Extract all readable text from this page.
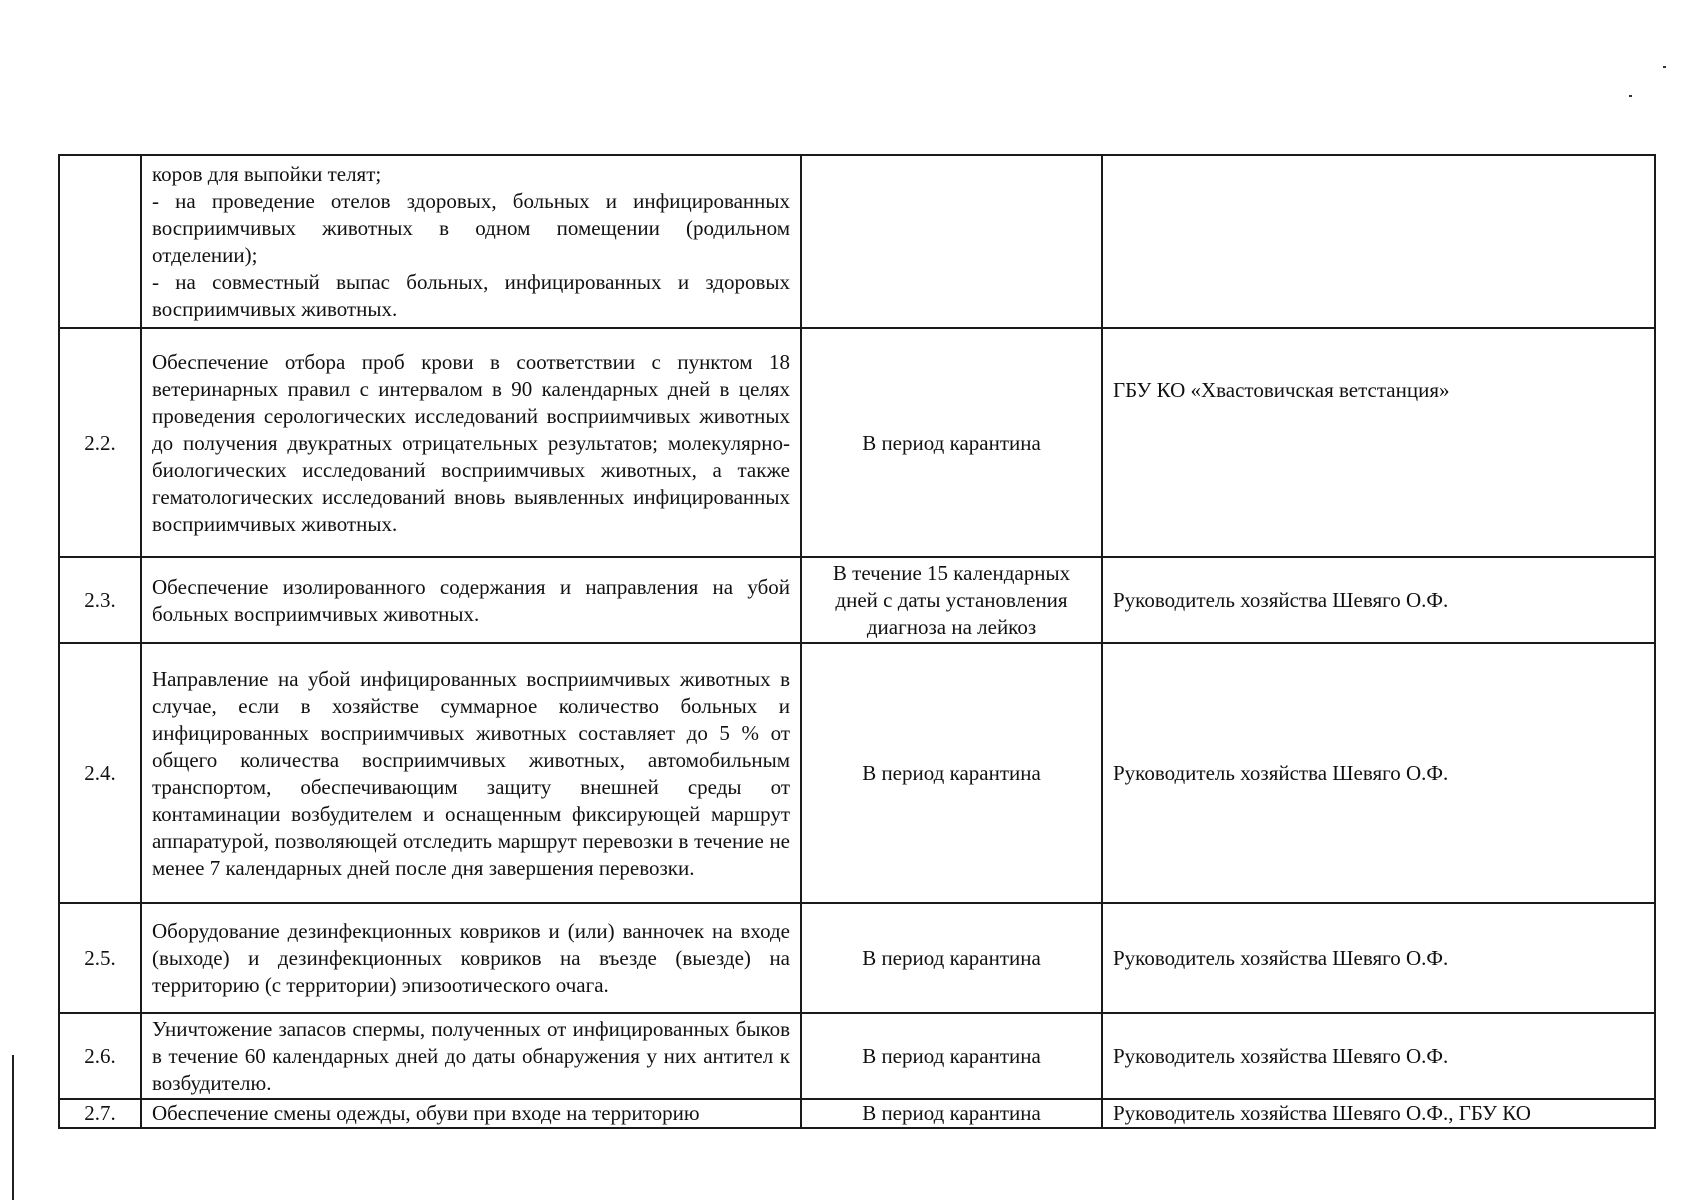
	коров для выпойки телят;
- на проведение отелов здоровых, больных и инфицированных восприимчивых животных в одном помещении (родильном отделении);
- на совместный выпас больных, инфицированных и здоровых восприимчивых животных.		
2.2.	Обеспечение отбора проб крови в соответствии с пунктом 18 ветеринарных правил с интервалом в 90 календарных дней в целях проведения серологических исследований восприимчивых животных до получения двукратных отрицательных результатов; молекулярно-биологических исследований восприимчивых животных, а также гематологических исследований вновь выявленных инфицированных восприимчивых животных.	В период карантина	ГБУ КО «Хвастовичская ветстанция»
2.3.	Обеспечение изолированного содержания и направления на убой больных восприимчивых животных.	В течение 15 календарных дней с даты установления диагноза на лейкоз	Руководитель хозяйства Шевяго О.Ф.
2.4.	Направление на убой инфицированных восприимчивых животных в случае, если в хозяйстве суммарное количество больных и инфицированных восприимчивых животных составляет до 5 % от общего количества восприимчивых животных, автомобильным транспортом, обеспечивающим защиту внешней среды от контаминации возбудителем и оснащенным фиксирующей маршрут аппаратурой, позволяющей отследить маршрут перевозки в течение не менее 7 календарных дней после дня завершения перевозки.	В период карантина	Руководитель хозяйства Шевяго О.Ф.
2.5.	Оборудование дезинфекционных ковриков и (или) ванночек на входе (выходе) и дезинфекционных ковриков на въезде (выезде) на территорию (с территории) эпизоотического очага.	В период карантина	Руководитель хозяйства Шевяго О.Ф.
2.6.	Уничтожение запасов спермы, полученных от инфицированных быков в течение 60 календарных дней до даты обнаружения у них антител к возбудителю.	В период карантина	Руководитель хозяйства Шевяго О.Ф.
2.7.	Обеспечение смены одежды, обуви при входе на территорию	В период карантина	Руководитель хозяйства Шевяго О.Ф., ГБУ КО
